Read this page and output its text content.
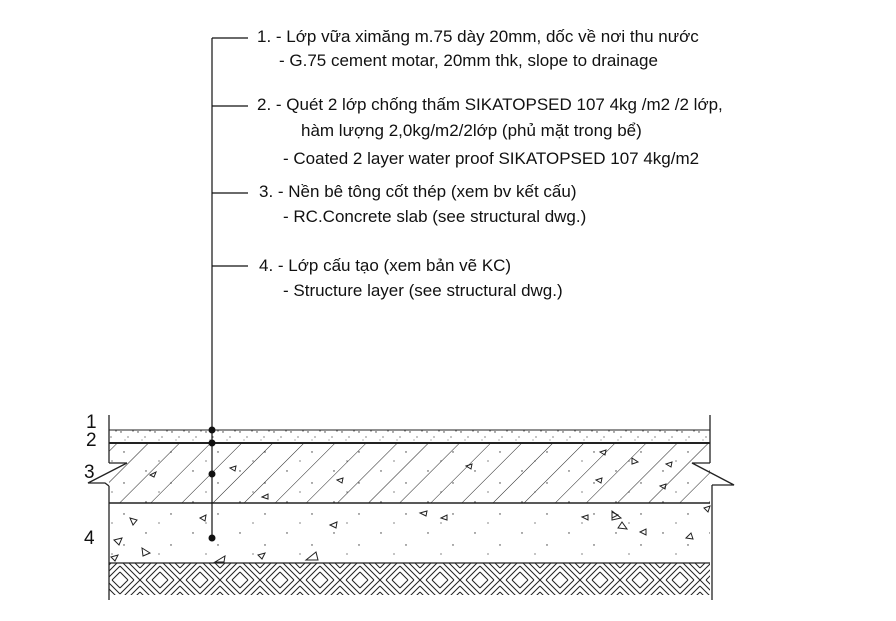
1. - Lớp vữa ximăng m.75 dày 20mm, dốc về nơi thu nước
- G.75 cement motar, 20mm thk, slope to drainage
2. - Quét 2 lớp chống thấm SIKATOPSED 107 4kg /m2 /2 lớp,
hàm lượng 2,0kg/m2/2lớp (phủ mặt trong bể)
- Coated 2 layer water proof SIKATOPSED 107 4kg/m2
3. - Nền bê tông cốt thép (xem bv kết cấu)
- RC.Concrete slab (see structural dwg.)
4. - Lớp cấu tạo (xem bản vẽ KC)
- Structure layer (see structural dwg.)
1
2
3
4
